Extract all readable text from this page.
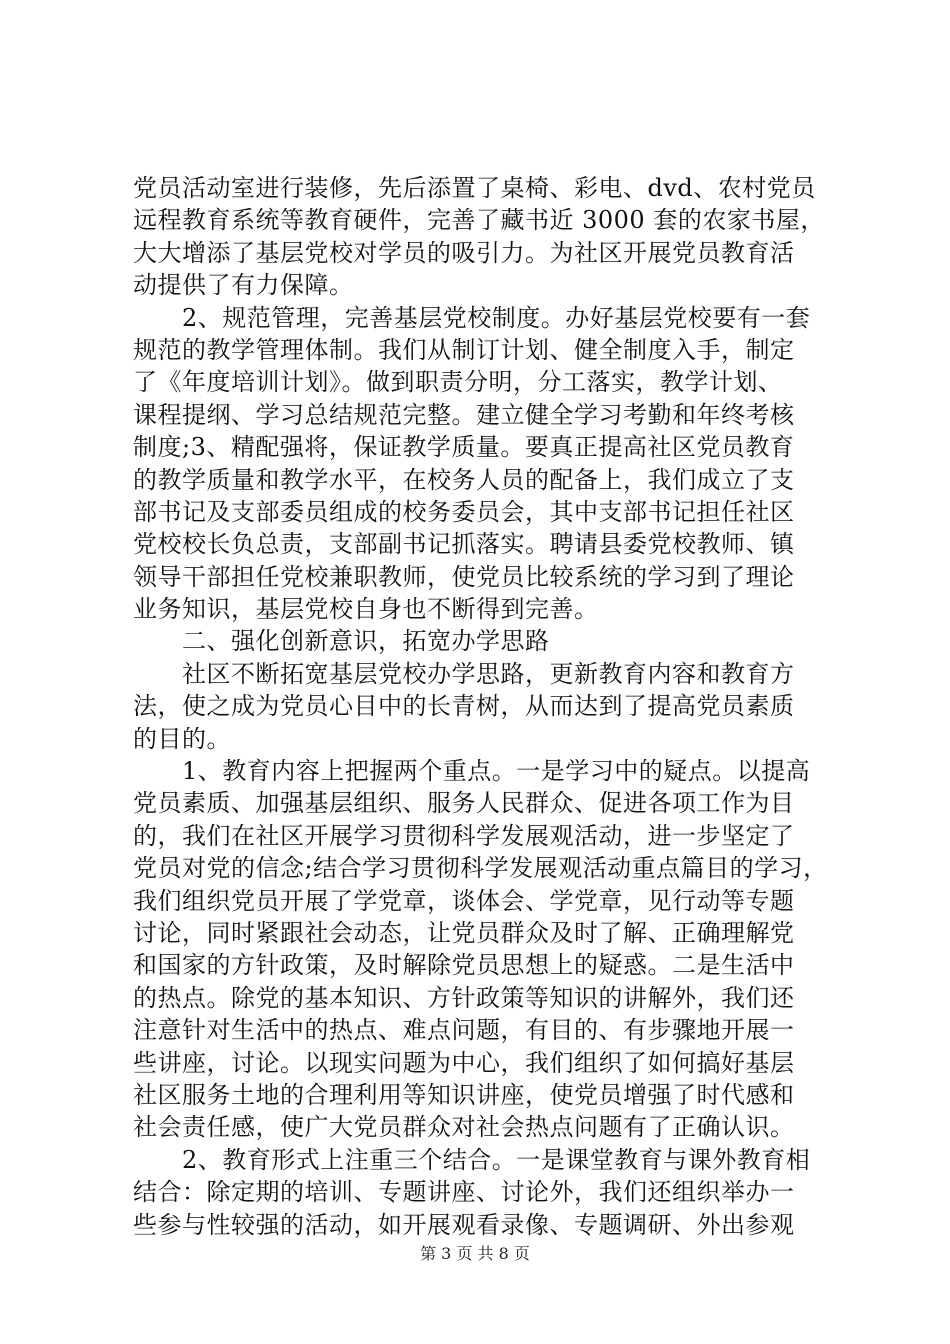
党员活动室进行装修，先后添置了桌椅、彩电、dvd、农村党员
远程教育系统等教育硬件，完善了藏书近 3000 套的农家书屋，
大大增添了基层党校对学员的吸引力。为社区开展党员教育活
动提供了有力保障。
　　2、规范管理，完善基层党校制度。办好基层党校要有一套
规范的教学管理体制。我们从制订计划、健全制度入手，制定
了《年度培训计划》。做到职责分明，分工落实，教学计划、
课程提纲、学习总结规范完整。建立健全学习考勤和年终考核
制度;3、精配强将，保证教学质量。要真正提高社区党员教育
的教学质量和教学水平，在校务人员的配备上，我们成立了支
部书记及支部委员组成的校务委员会，其中支部书记担任社区
党校校长负总责，支部副书记抓落实。聘请县委党校教师、镇
领导干部担任党校兼职教师，使党员比较系统的学习到了理论
业务知识，基层党校自身也不断得到完善。
　　二、强化创新意识，拓宽办学思路
　　社区不断拓宽基层党校办学思路，更新教育内容和教育方
法，使之成为党员心目中的长青树，从而达到了提高党员素质
的目的。
　　1、教育内容上把握两个重点。一是学习中的疑点。以提高
党员素质、加强基层组织、服务人民群众、促进各项工作为目
的，我们在社区开展学习贯彻科学发展观活动，进一步坚定了
党员对党的信念;结合学习贯彻科学发展观活动重点篇目的学习，
我们组织党员开展了学党章，谈体会、学党章，见行动等专题
讨论，同时紧跟社会动态，让党员群众及时了解、正确理解党
和国家的方针政策，及时解除党员思想上的疑惑。二是生活中
的热点。除党的基本知识、方针政策等知识的讲解外，我们还
注意针对生活中的热点、难点问题，有目的、有步骤地开展一
些讲座，讨论。以现实问题为中心，我们组织了如何搞好基层
社区服务土地的合理利用等知识讲座，使党员增强了时代感和
社会责任感，使广大党员群众对社会热点问题有了正确认识。
　　2、教育形式上注重三个结合。一是课堂教育与课外教育相
结合：除定期的培训、专题讲座、讨论外，我们还组织举办一
些参与性较强的活动，如开展观看录像、专题调研、外出参观
第 3 页 共 8 页
